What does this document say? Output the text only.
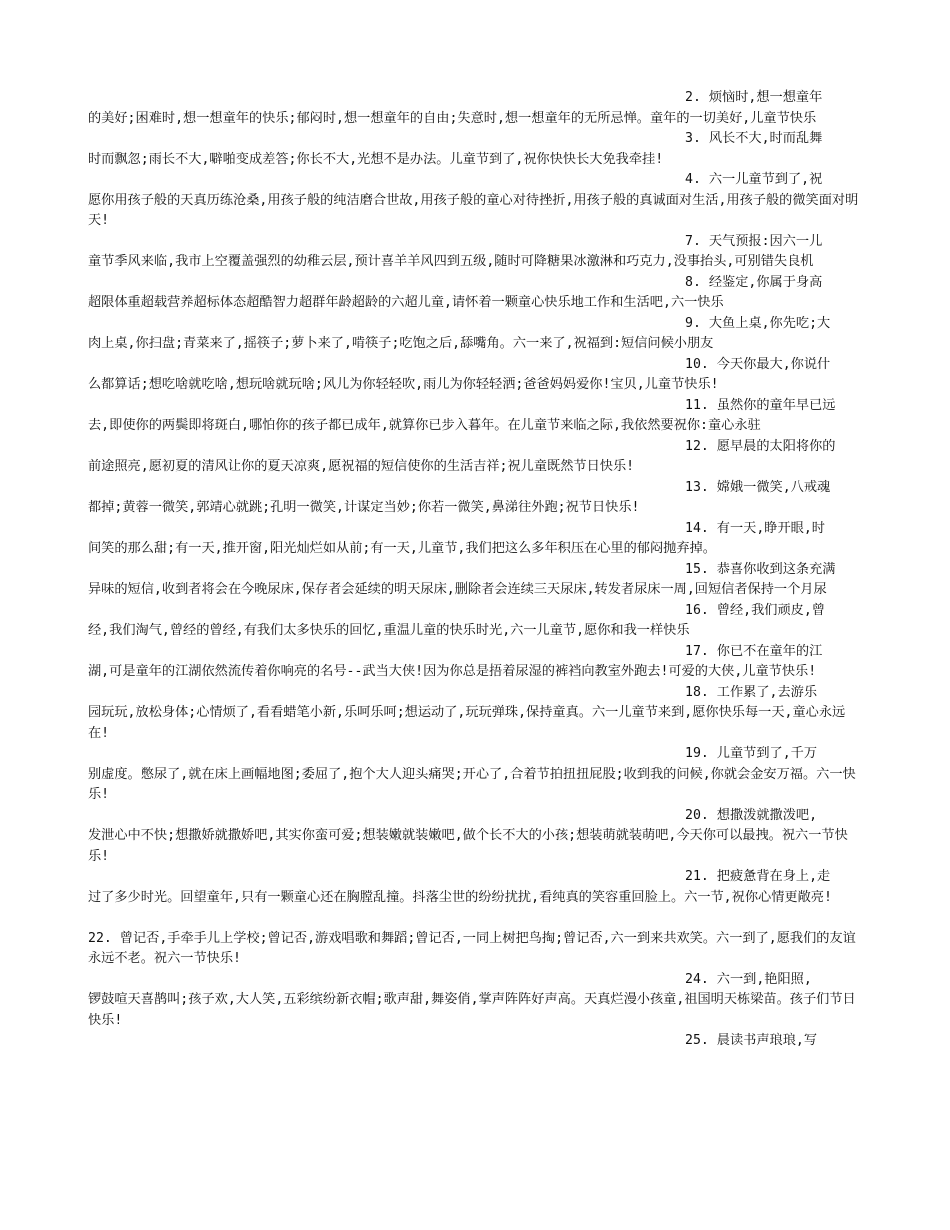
2. 烦恼时,想一想童年
的美好;困难时,想一想童年的快乐;郁闷时,想一想童年的自由;失意时,想一想童年的无所忌惮。童年的一切美好,儿童节快乐
3. 风长不大,时而乱舞
时而飘忽;雨长不大,噼啪变成差答;你长不大,光想不是办法。儿童节到了,祝你快快长大免我牵挂!
4. 六一儿童节到了,祝
愿你用孩子般的天真历练沧桑,用孩子般的纯洁磨合世故,用孩子般的童心对待挫折,用孩子般的真诚面对生活,用孩子般的微笑面对明天!
7. 天气预报:因六一儿
童节季风来临,我市上空覆盖强烈的幼稚云层,预计喜羊羊风四到五级,随时可降糖果冰激淋和巧克力,没事抬头,可别错失良机
8. 经鉴定,你属于身高
超限体重超载营养超标体态超酷智力超群年龄超龄的六超儿童,请怀着一颗童心快乐地工作和生活吧,六一快乐
9. 大鱼上桌,你先吃;大
肉上桌,你扫盘;青菜来了,摇筷子;萝卜来了,啃筷子;吃饱之后,舔嘴角。六一来了,祝福到:短信问候小朋友
10. 今天你最大,你说什
么都算话;想吃啥就吃啥,想玩啥就玩啥;风儿为你轻轻吹,雨儿为你轻轻洒;爸爸妈妈爱你!宝贝,儿童节快乐!
11. 虽然你的童年早已远
去,即使你的两鬓即将斑白,哪怕你的孩子都已成年,就算你已步入暮年。在儿童节来临之际,我依然要祝你:童心永驻
12. 愿早晨的太阳将你的
前途照亮,愿初夏的清风让你的夏天凉爽,愿祝福的短信使你的生活吉祥;祝儿童既然节日快乐!
13. 嫦娥一微笑,八戒魂
都掉;黄蓉一微笑,郭靖心就跳;孔明一微笑,计谋定当妙;你若一微笑,鼻涕往外跑;祝节日快乐!
14. 有一天,睁开眼,时
间笑的那么甜;有一天,推开窗,阳光灿烂如从前;有一天,儿童节,我们把这么多年积压在心里的郁闷抛弃掉。
15. 恭喜你收到这条充满
异味的短信,收到者将会在今晚尿床,保存者会延续的明天尿床,删除者会连续三天尿床,转发者尿床一周,回短信者保持一个月尿
16. 曾经,我们顽皮,曾
经,我们淘气,曾经的曾经,有我们太多快乐的回忆,重温儿童的快乐时光,六一儿童节,愿你和我一样快乐
17. 你已不在童年的江
湖,可是童年的江湖依然流传着你响亮的名号--武当大侠!因为你总是捂着尿湿的裤裆向教室外跑去!可爱的大侠,儿童节快乐!
18. 工作累了,去游乐
园玩玩,放松身体;心情烦了,看看蜡笔小新,乐呵乐呵;想运动了,玩玩弹珠,保持童真。六一儿童节来到,愿你快乐每一天,童心永远在!
19. 儿童节到了,千万
别虚度。憋尿了,就在床上画幅地图;委屈了,抱个大人迎头痛哭;开心了,合着节拍扭扭屁股;收到我的问候,你就会金安万福。六一快乐!
20. 想撒泼就撒泼吧,
发泄心中不快;想撒娇就撒娇吧,其实你蛮可爱;想装嫩就装嫩吧,做个长不大的小孩;想装萌就装萌吧,今天你可以最拽。祝六一节快乐!
21. 把疲惫背在身上,走
过了多少时光。回望童年,只有一颗童心还在胸膛乱撞。抖落尘世的纷纷扰扰,看纯真的笑容重回脸上。六一节,祝你心情更敞亮!
22. 曾记否,手牵手儿上学校;曾记否,游戏唱歌和舞蹈;曾记否,一同上树把鸟掏;曾记否,六一到来共欢笑。六一到了,愿我们的友谊永远不老。祝六一节快乐!
24. 六一到,艳阳照,
锣鼓喧天喜鹊叫;孩子欢,大人笑,五彩缤纷新衣帽;歌声甜,舞姿俏,掌声阵阵好声高。天真烂漫小孩童,祖国明天栋梁苗。孩子们节日快乐!
25. 晨读书声琅琅,写
